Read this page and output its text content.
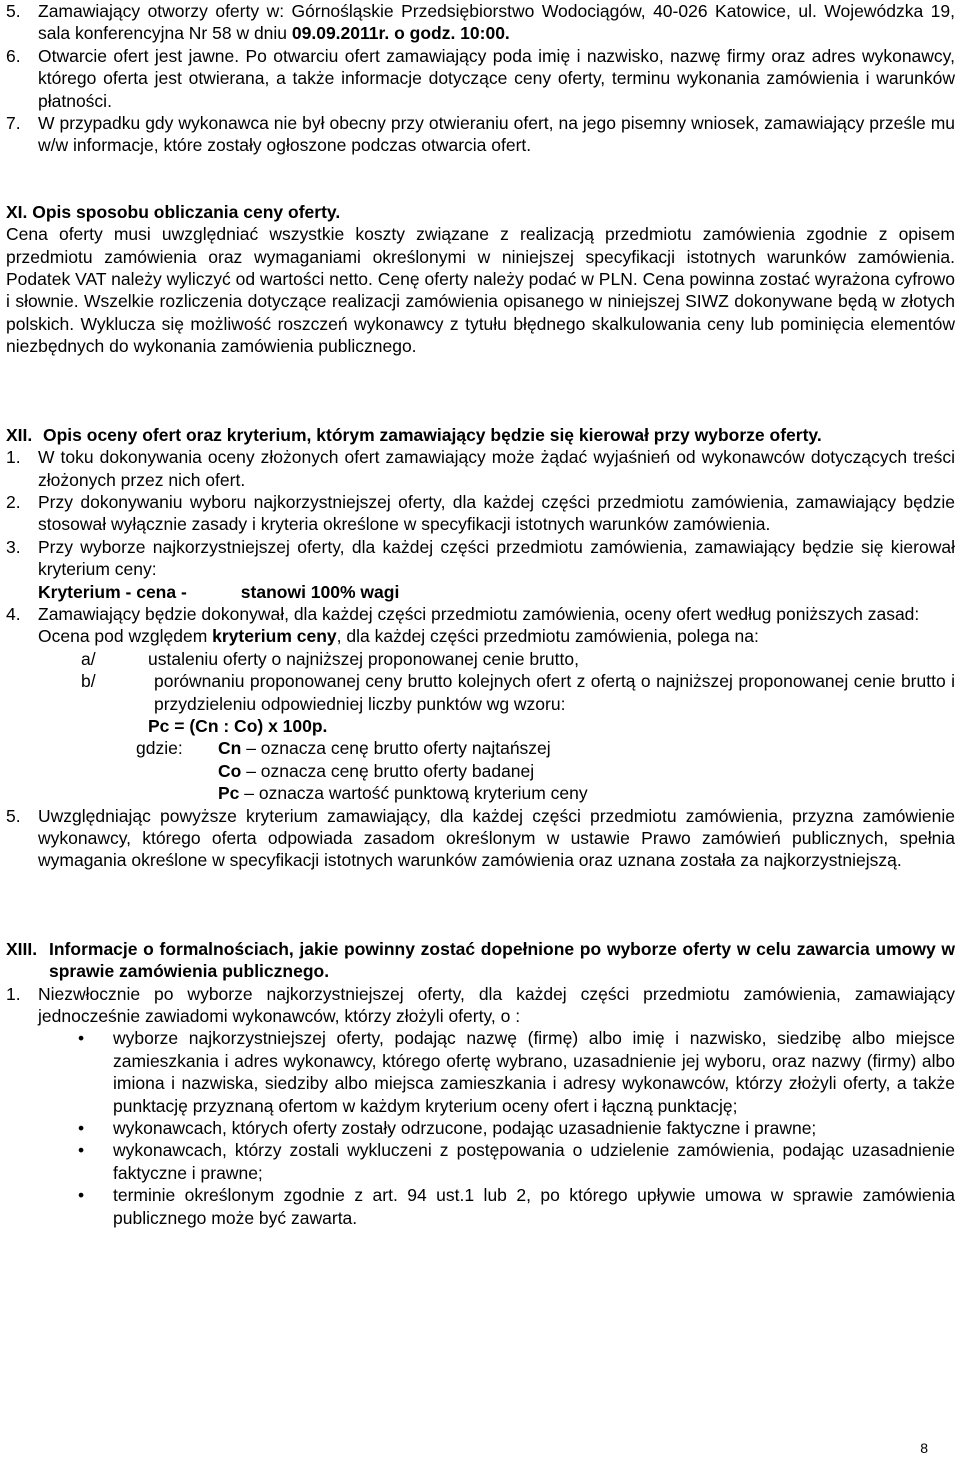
5. Zamawiający otworzy oferty w: Górnośląskie Przedsiębiorstwo Wodociągów, 40-026 Katowice, ul. Wojewódzka 19, sala konferencyjna Nr 58 w dniu 09.09.2011r. o godz. 10:00.
6. Otwarcie ofert jest jawne. Po otwarciu ofert zamawiający poda imię i nazwisko, nazwę firmy oraz adres wykonawcy, którego oferta jest otwierana, a także informacje dotyczące ceny oferty, terminu wykonania zamówienia i warunków płatności.
7. W przypadku gdy wykonawca nie był obecny przy otwieraniu ofert, na jego pisemny wniosek, zamawiający prześle mu w/w informacje, które zostały ogłoszone podczas otwarcia ofert.

XI. Opis sposobu obliczania ceny oferty.

Cena oferty musi uwzględniać wszystkie koszty związane z realizacją przedmiotu zamówienia zgodnie z opisem przedmiotu zamówienia oraz wymaganiami określonymi w niniejszej specyfikacji istotnych warunków zamówienia. Podatek VAT należy wyliczyć od wartości netto. Cenę oferty należy podać w PLN. Cena powinna zostać wyrażona cyfrowo i słownie. Wszelkie rozliczenia dotyczące realizacji zamówienia opisanego w niniejszej SIWZ dokonywane będą w złotych polskich. Wyklucza się możliwość roszczeń wykonawcy z tytułu błędnego skalkulowania ceny lub pominięcia elementów niezbędnych do wykonania zamówienia publicznego.

XII. Opis oceny ofert oraz kryterium, którym zamawiający będzie się kierował przy wyborze oferty.
1. W toku dokonywania oceny złożonych ofert zamawiający może żądać wyjaśnień od wykonawców dotyczących treści złożonych przez nich ofert.
2. Przy dokonywaniu wyboru najkorzystniejszej oferty, dla każdej części przedmiotu zamówienia, zamawiający będzie stosował wyłącznie zasady i kryteria określone w specyfikacji istotnych warunków zamówienia.
3. Przy wyborze najkorzystniejszej oferty, dla każdej części przedmiotu zamówienia, zamawiający będzie się kierował kryterium ceny:
Kryterium - cena -	stanowi 100% wagi
4. Zamawiający będzie dokonywał, dla każdej części przedmiotu zamówienia, oceny ofert według poniższych zasad:
Ocena pod względem kryterium ceny, dla każdej części przedmiotu zamówienia, polega na:
a/	ustaleniu oferty o najniższej proponowanej cenie brutto,
b/	porównaniu proponowanej ceny brutto kolejnych ofert z ofertą o najniższej proponowanej cenie brutto i przydzieleniu odpowiedniej liczby punktów wg wzoru:

Pc = (Cn : Co) x 100p.

gdzie: Cn – oznacza cenę brutto oferty najtańszej
Co – oznacza cenę brutto oferty badanej
Pc – oznacza wartość punktową kryterium ceny
5. Uwzględniając powyższe kryterium zamawiający, dla każdej części przedmiotu zamówienia, przyzna zamówienie wykonawcy, którego oferta odpowiada zasadom określonym w ustawie Prawo zamówień publicznych, spełnia wymagania określone w specyfikacji istotnych warunków zamówienia oraz uznana została za najkorzystniejszą.
XIII. Informacje o formalnościach, jakie powinny zostać dopełnione po wyborze oferty w celu zawarcia umowy w sprawie zamówienia publicznego.
1. Niezwłocznie po wyborze najkorzystniejszej oferty, dla każdej części przedmiotu zamówienia, zamawiający jednocześnie zawiadomi wykonawców, którzy złożyli oferty, o :
• wyborze najkorzystniejszej oferty, podając nazwę (firmę) albo imię i nazwisko, siedzibę albo miejsce zamieszkania i adres wykonawcy, którego ofertę wybrano, uzasadnienie jej wyboru, oraz nazwy (firmy) albo imiona i nazwiska, siedziby albo miejsca zamieszkania i adresy wykonawców, którzy złożyli oferty, a także punktację przyznaną ofertom w każdym kryterium oceny ofert i łączną punktację;
• wykonawcach, których oferty zostały odrzucone, podając uzasadnienie faktyczne i prawne;
• wykonawcach, którzy zostali wykluczeni z postępowania o udzielenie zamówienia, podając uzasadnienie faktyczne i prawne;
• terminie określonym zgodnie z art. 94 ust.1 lub 2, po którego upływie umowa w sprawie zamówienia publicznego może być zawarta.
8
